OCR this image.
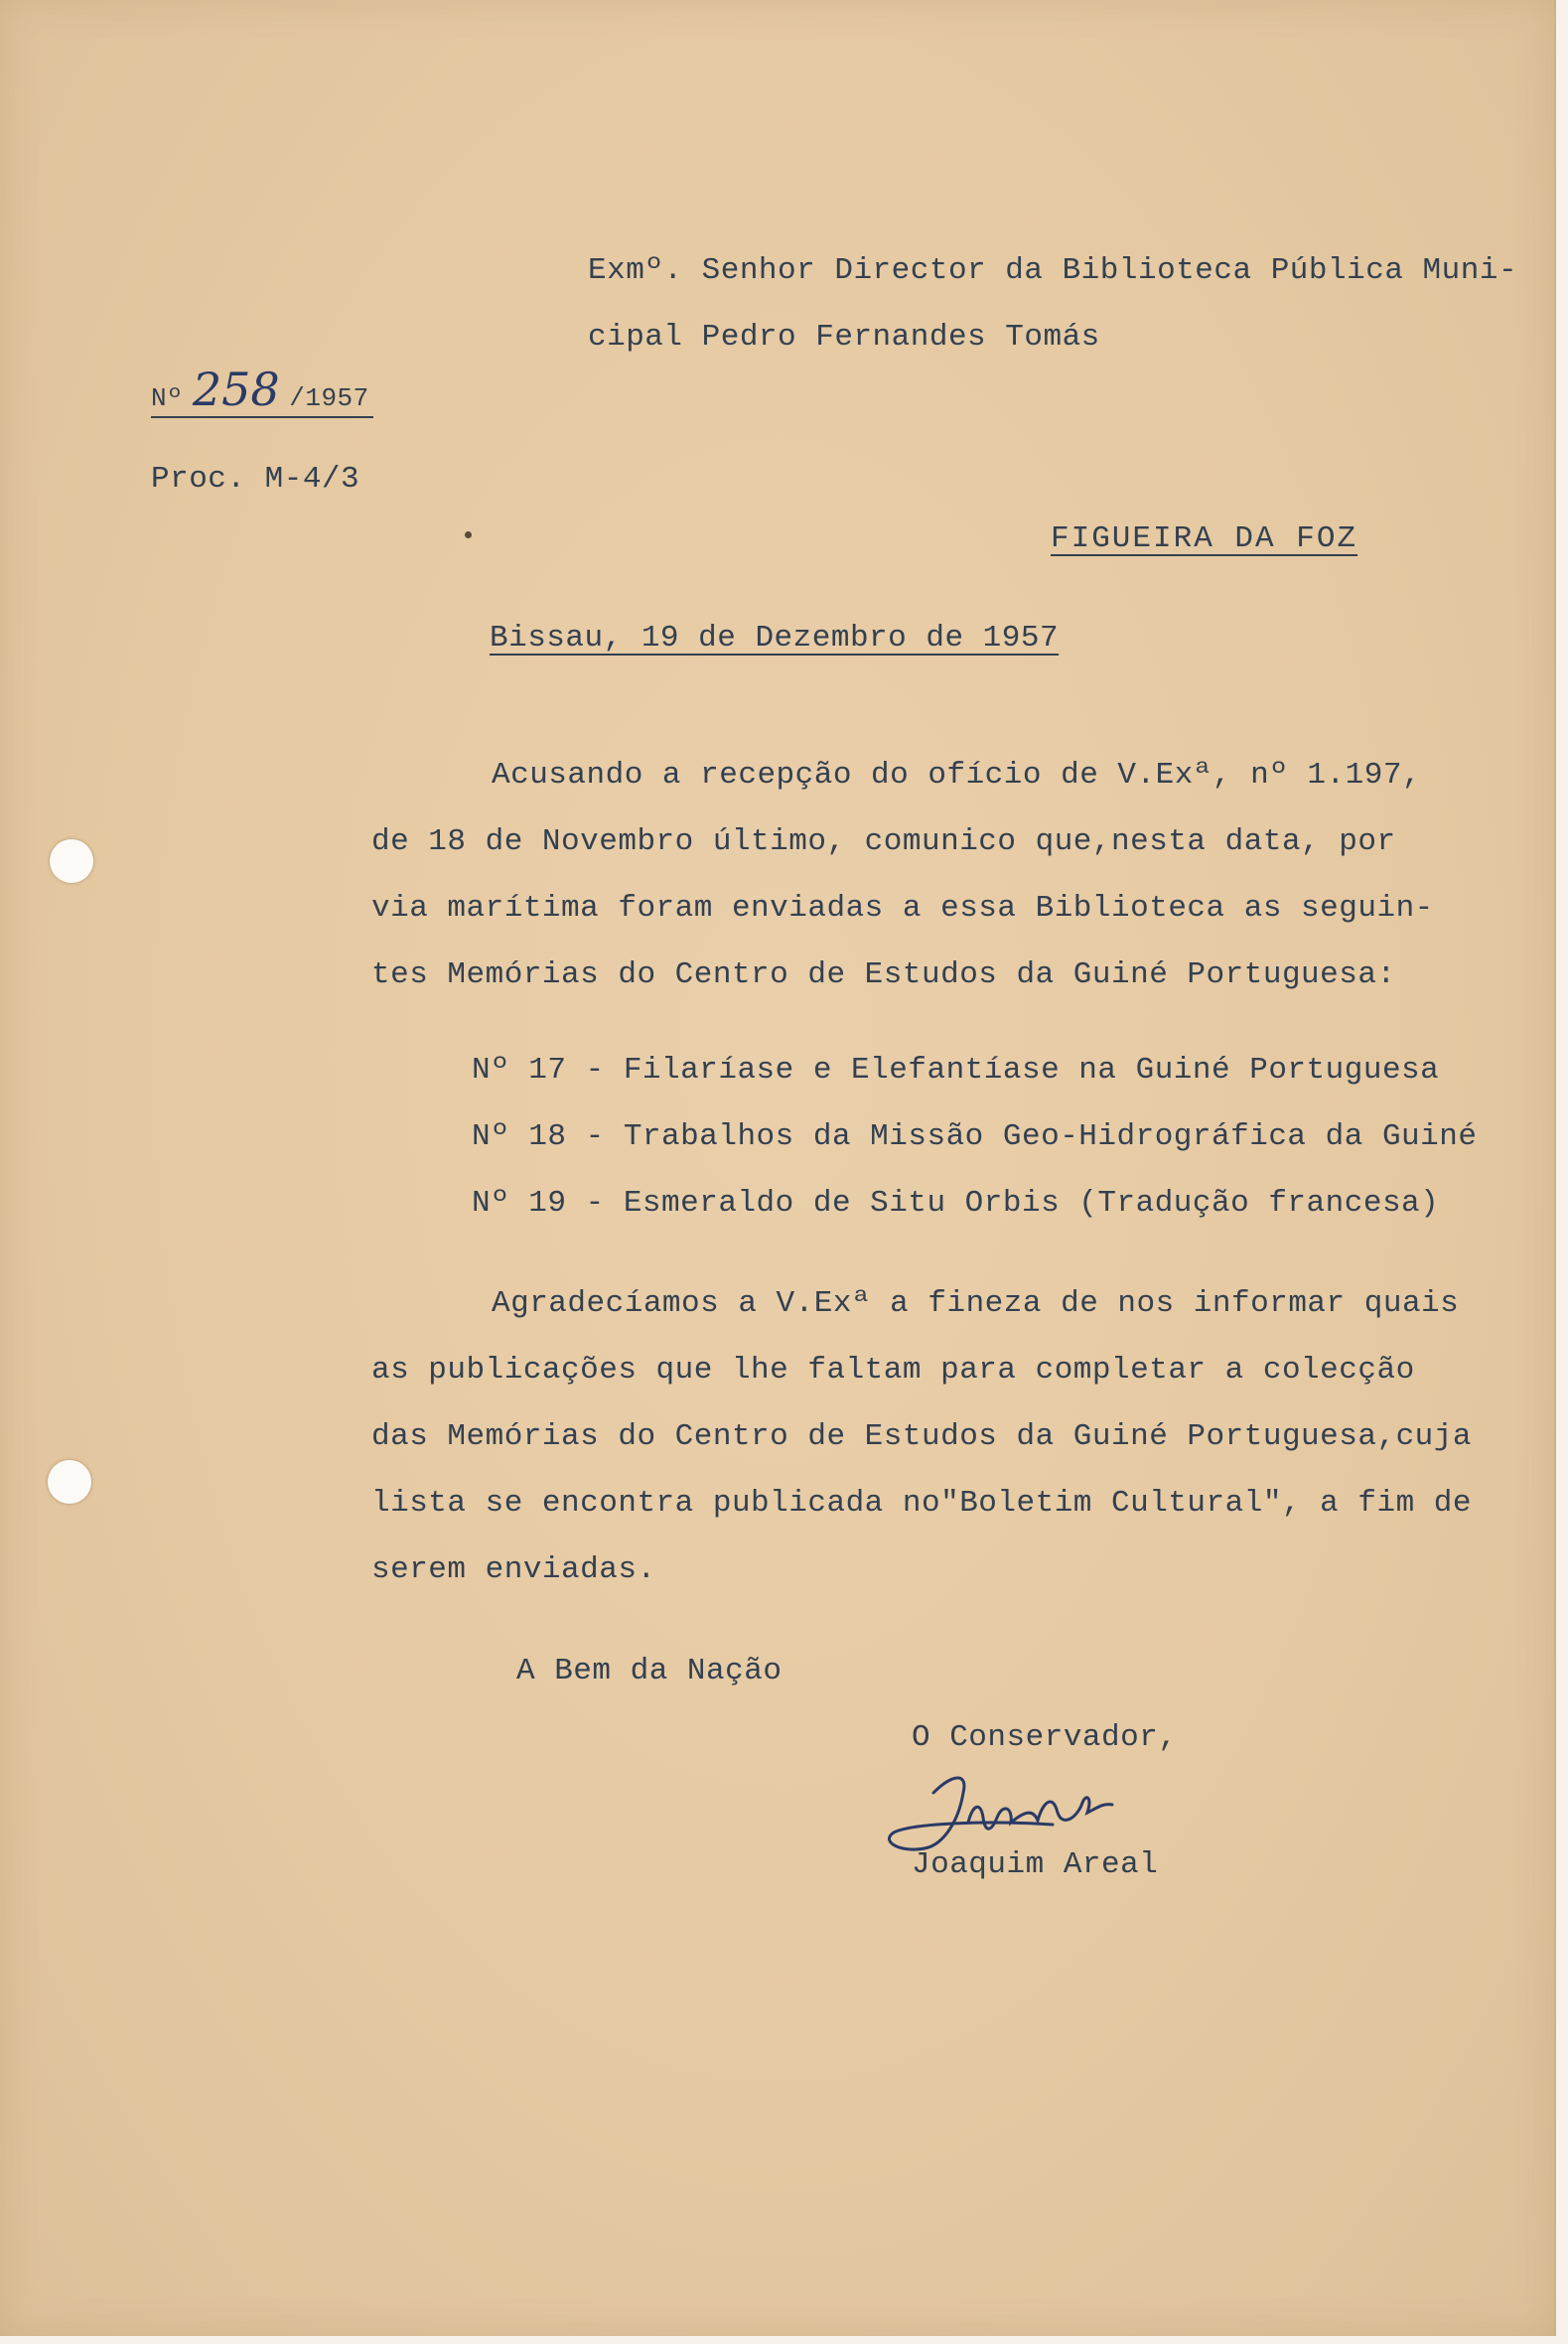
Exmº. Senhor Director da Biblioteca Pública Muni-
cipal Pedro Fernandes Tomás
Nº 258 /1957
Proc. M-4/3
FIGUEIRA DA FOZ
Bissau, 19 de Dezembro de 1957
Acusando a recepção do ofício de V.Exª, nº 1.197,
de 18 de Novembro último, comunico que,nesta data, por
via marítima foram enviadas a essa Biblioteca as seguin-
tes Memórias do Centro de Estudos da Guiné Portuguesa:
Nº 17 - Filaríase e Elefantíase na Guiné Portuguesa
Nº 18 - Trabalhos da Missão Geo-Hidrográfica da Guiné
Nº 19 - Esmeraldo de Situ Orbis (Tradução francesa)
Agradecíamos a V.Exª a fineza de nos informar quais
as publicações que lhe faltam para completar a colecção
das Memórias do Centro de Estudos da Guiné Portuguesa,cuja
lista se encontra publicada no"Boletim Cultural", a fim de
serem enviadas.
A Bem da Nação
O Conservador,
Joaquim Areal
